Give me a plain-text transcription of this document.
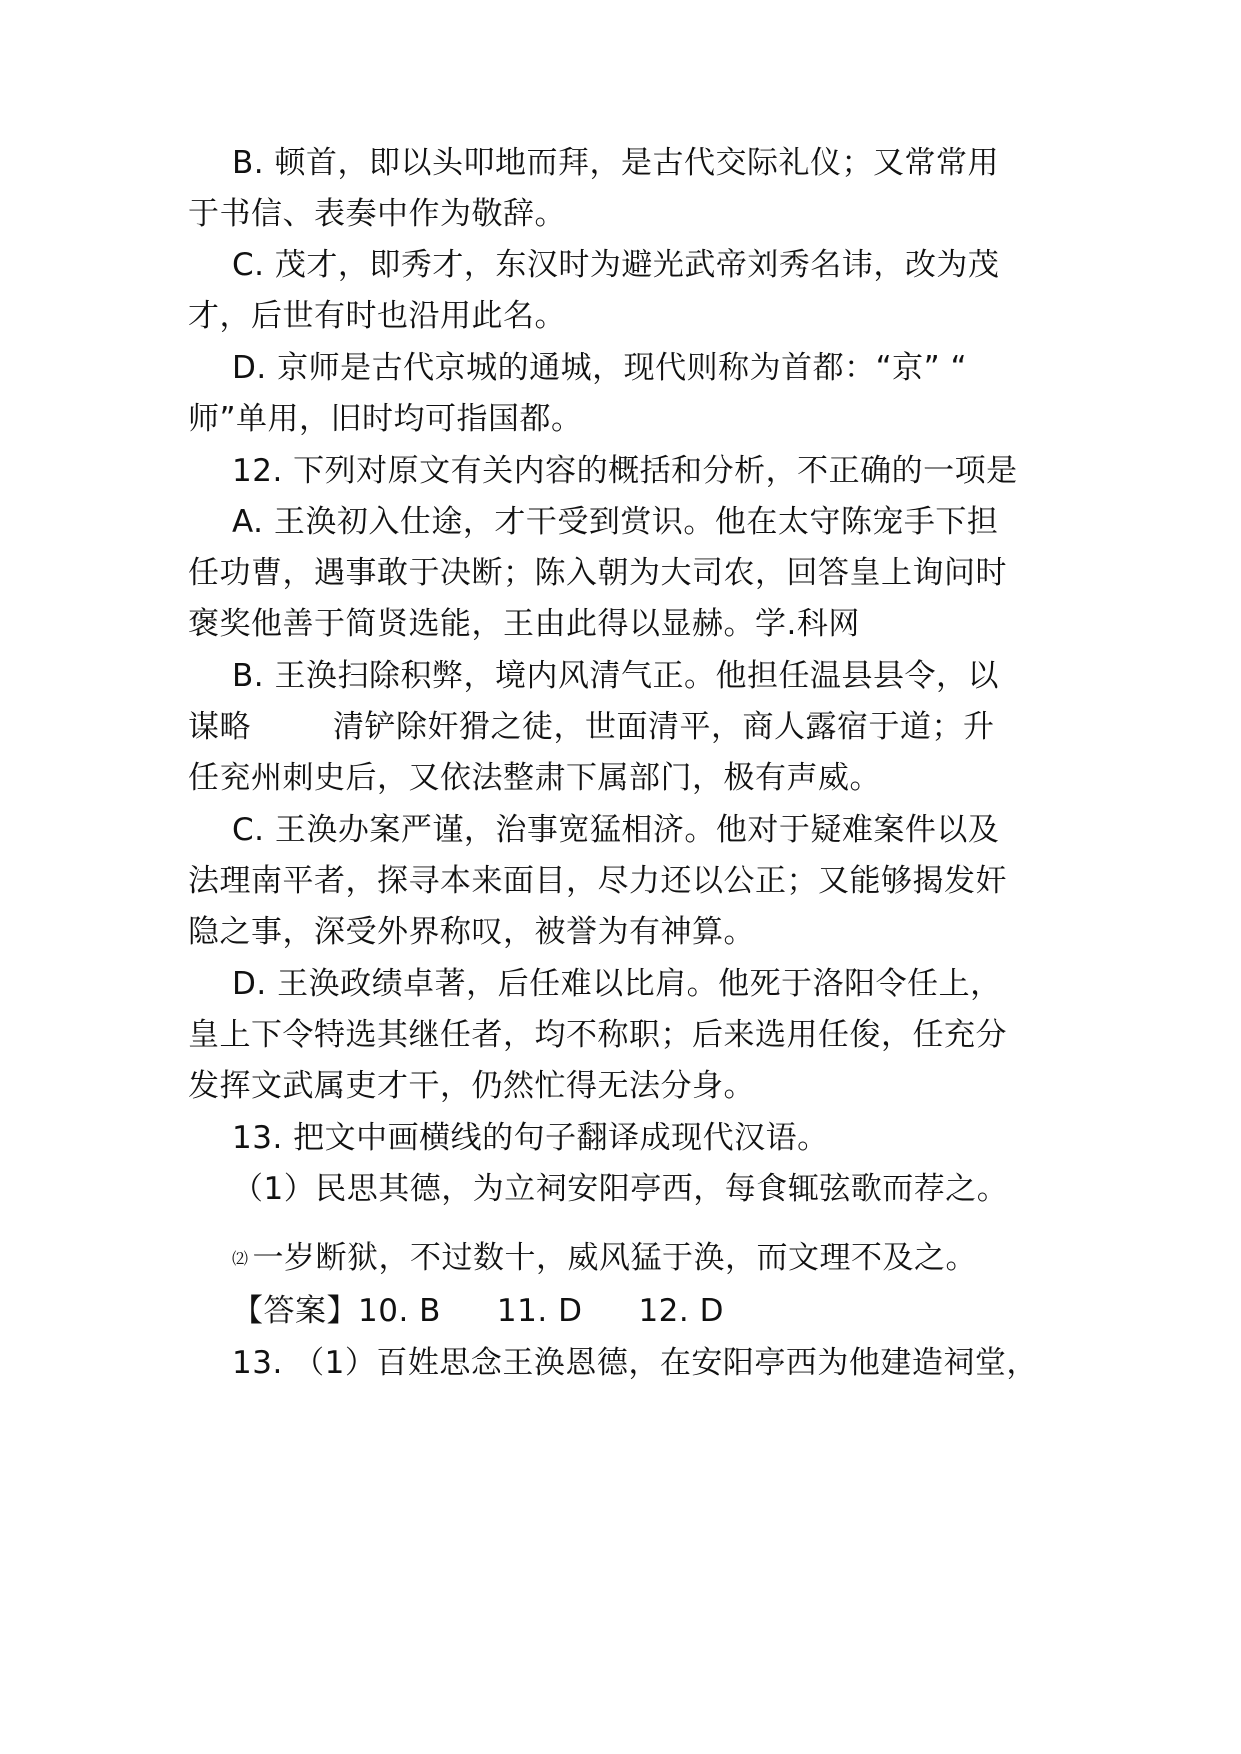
B. 顿首，即以头叩地而拜，是古代交际礼仪；又常常用
于书信、表奏中作为敬辞。
C. 茂才，即秀才，东汉时为避光武帝刘秀名讳，改为茂
才，后世有时也沿用此名。
D. 京师是古代京城的通城，现代则称为首都：“京” “
师”单用，旧时均可指国都。
12. 下列对原文有关内容的概括和分析，不正确的一项是
A. 王涣初入仕途，才干受到赏识。他在太守陈宠手下担
任功曹，遇事敢于决断；陈入朝为大司农，回答皇上询问时
褒奖他善于简贤选能，王由此得以显赫。学.科网
B. 王涣扫除积弊，境内风清气正。他担任温县县令，以
谋略	清铲除奸猾之徒，世面清平，商人露宿于道；升
任兖州刺史后，又依法整肃下属部门，极有声威。
C. 王涣办案严谨，治事宽猛相济。他对于疑难案件以及
法理南平者，探寻本来面目，尽力还以公正；又能够揭发奸
隐之事，深受外界称叹，被誉为有神算。
D. 王涣政绩卓著，后任难以比肩。他死于洛阳令任上，
皇上下令特选其继任者，均不称职；后来选用任俊，任充分
发挥文武属吏才干，仍然忙得无法分身。
13. 把文中画横线的句子翻译成现代汉语。
（1）民思其德，为立祠安阳亭西，每食辄弦歌而荐之。
⑵ 一岁断狱，不过数十，威风猛于涣，而文理不及之。
【答案】10. B 11. D 12. D
13. （1）百姓思念王涣恩德，在安阳亭西为他建造祠堂，
